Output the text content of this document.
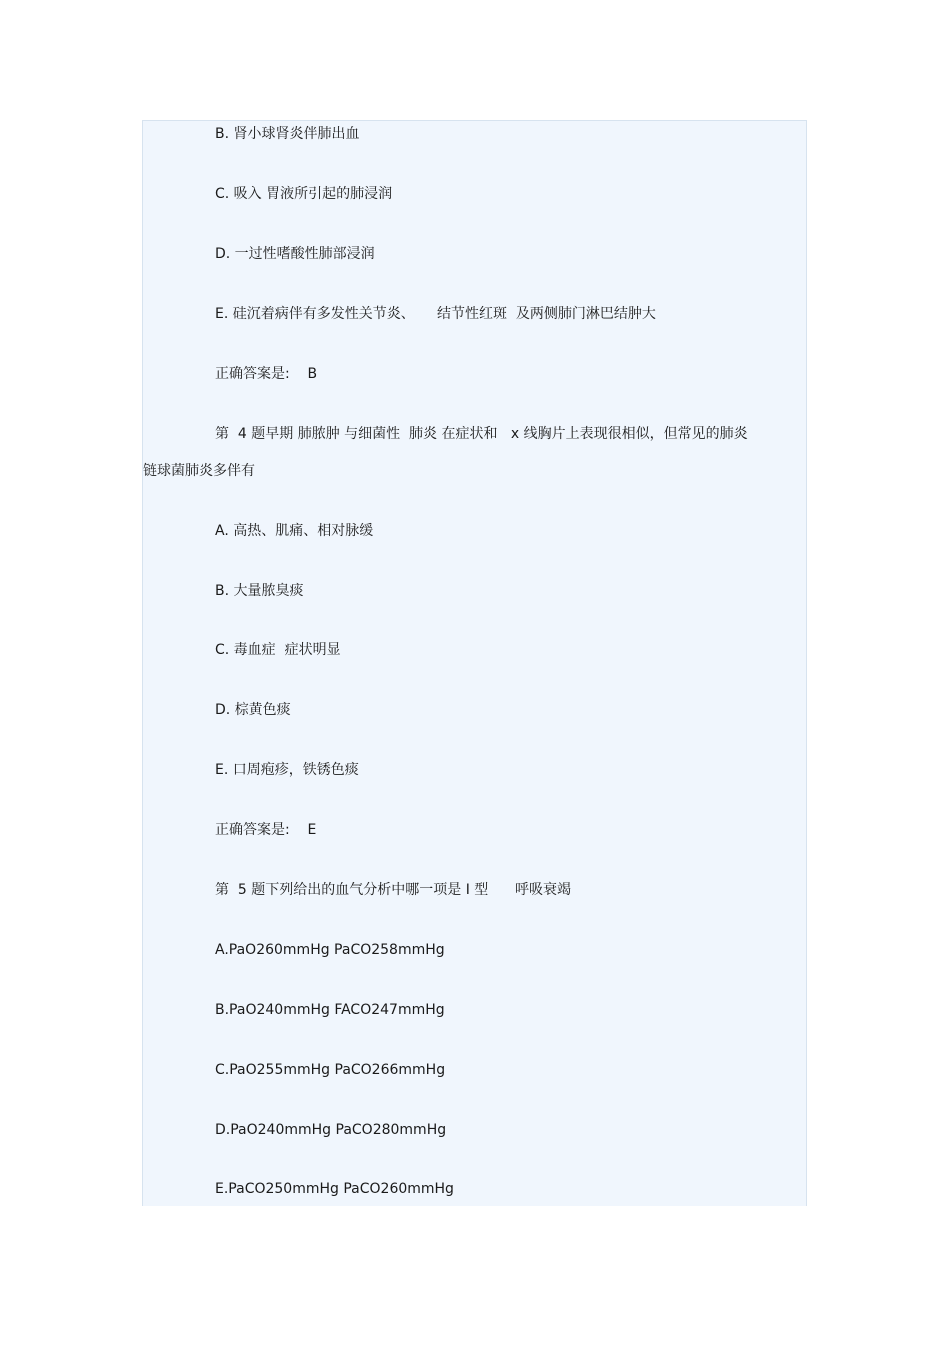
B. 肾小球肾炎伴肺出血
C. 吸入 胃液所引起的肺浸润
D. 一过性嗜酸性肺部浸润
E. 硅沉着病伴有多发性关节炎、     结节性红斑  及两侧肺门淋巴结肿大
正确答案是:    B
第  4 题早期 肺脓肿 与细菌性  肺炎 在症状和   x 线胸片上表现很相似，但常见的肺炎
链球菌肺炎多伴有
A. 高热、肌痛、相对脉缓
B. 大量脓臭痰
C. 毒血症  症状明显
D. 棕黄色痰
E. 口周疱疹，铁锈色痰
正确答案是:    E
第  5 题下列给出的血气分析中哪一项是 I 型      呼吸衰竭
A.PaO260mmHg PaCO258mmHg
B.PaO240mmHg FACO247mmHg
C.PaO255mmHg PaCO266mmHg
D.PaO240mmHg PaCO280mmHg
E.PaCO250mmHg PaCO260mmHg
